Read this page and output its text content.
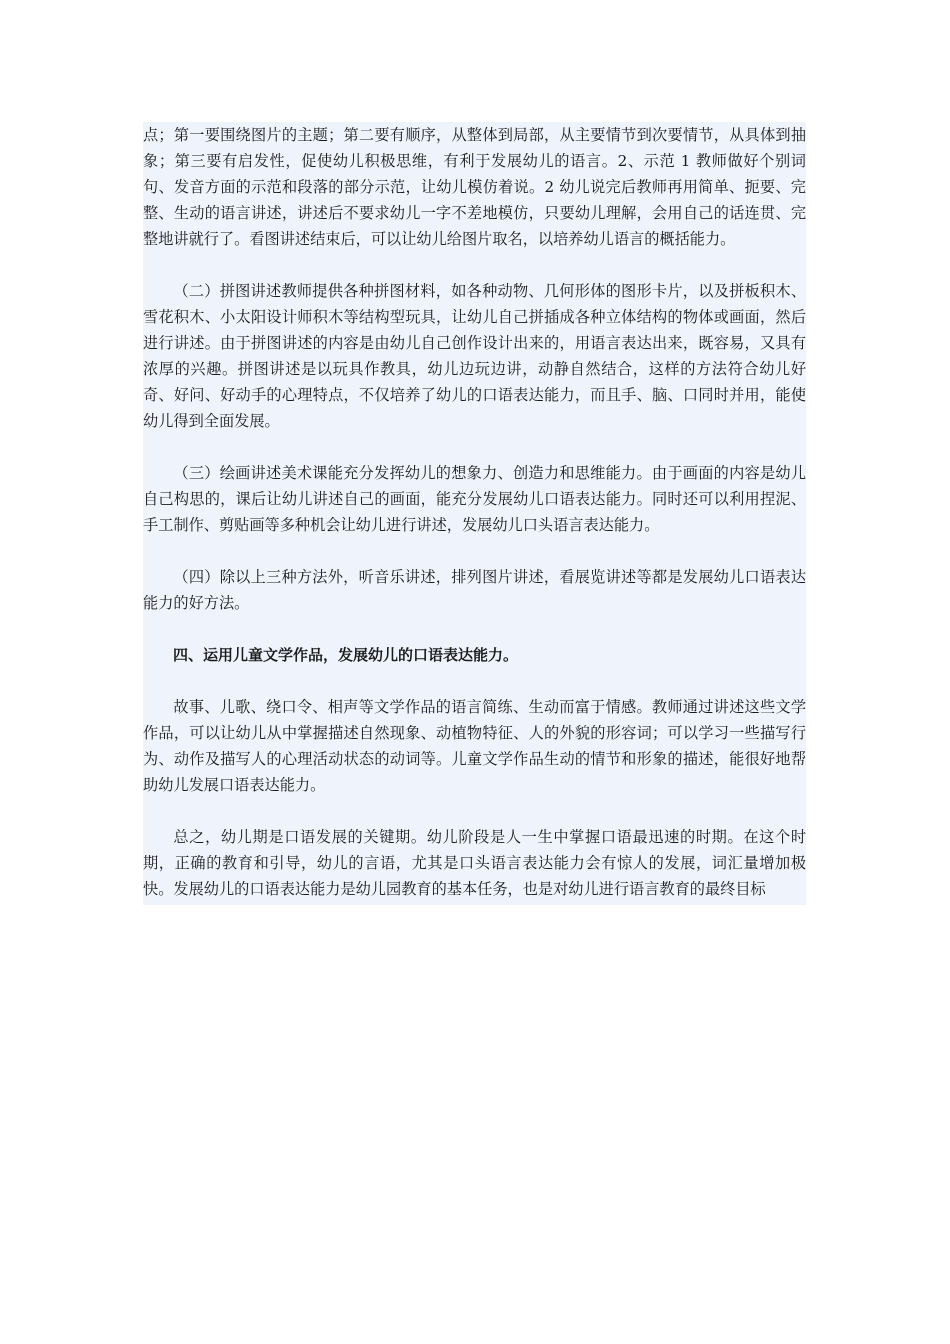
点；第一要围绕图片的主题；第二要有顺序，从整体到局部，从主要情节到次要情节，从具体到抽象；第三要有启发性，促使幼儿积极思维，有利于发展幼儿的语言。2、示范 1 教师做好个别词句、发音方面的示范和段落的部分示范，让幼儿模仿着说。2 幼儿说完后教师再用简单、扼要、完整、生动的语言讲述，讲述后不要求幼儿一字不差地模仿，只要幼儿理解，会用自己的话连贯、完整地讲就行了。看图讲述结束后，可以让幼儿给图片取名，以培养幼儿语言的概括能力。

（二）拼图讲述教师提供各种拼图材料，如各种动物、几何形体的图形卡片，以及拼板积木、雪花积木、小太阳设计师积木等结构型玩具，让幼儿自己拼插成各种立体结构的物体或画面，然后进行讲述。由于拼图讲述的内容是由幼儿自己创作设计出来的，用语言表达出来，既容易，又具有浓厚的兴趣。拼图讲述是以玩具作教具，幼儿边玩边讲，动静自然结合，这样的方法符合幼儿好奇、好问、好动手的心理特点，不仅培养了幼儿的口语表达能力，而且手、脑、口同时并用，能使幼儿得到全面发展。

（三）绘画讲述美术课能充分发挥幼儿的想象力、创造力和思维能力。由于画面的内容是幼儿自己构思的，课后让幼儿讲述自己的画面，能充分发展幼儿口语表达能力。同时还可以利用捏泥、手工制作、剪贴画等多种机会让幼儿进行讲述，发展幼儿口头语言表达能力。

（四）除以上三种方法外，听音乐讲述，排列图片讲述，看展览讲述等都是发展幼儿口语表达能力的好方法。

四、运用儿童文学作品，发展幼儿的口语表达能力。

故事、儿歌、绕口令、相声等文学作品的语言简练、生动而富于情感。教师通过讲述这些文学作品，可以让幼儿从中掌握描述自然现象、动植物特征、人的外貌的形容词；可以学习一些描写行为、动作及描写人的心理活动状态的动词等。儿童文学作品生动的情节和形象的描述，能很好地帮助幼儿发展口语表达能力。

总之，幼儿期是口语发展的关键期。幼儿阶段是人一生中掌握口语最迅速的时期。在这个时期，正确的教育和引导，幼儿的言语，尤其是口头语言表达能力会有惊人的发展，词汇量增加极快。发展幼儿的口语表达能力是幼儿园教育的基本任务，也是对幼儿进行语言教育的最终目标
